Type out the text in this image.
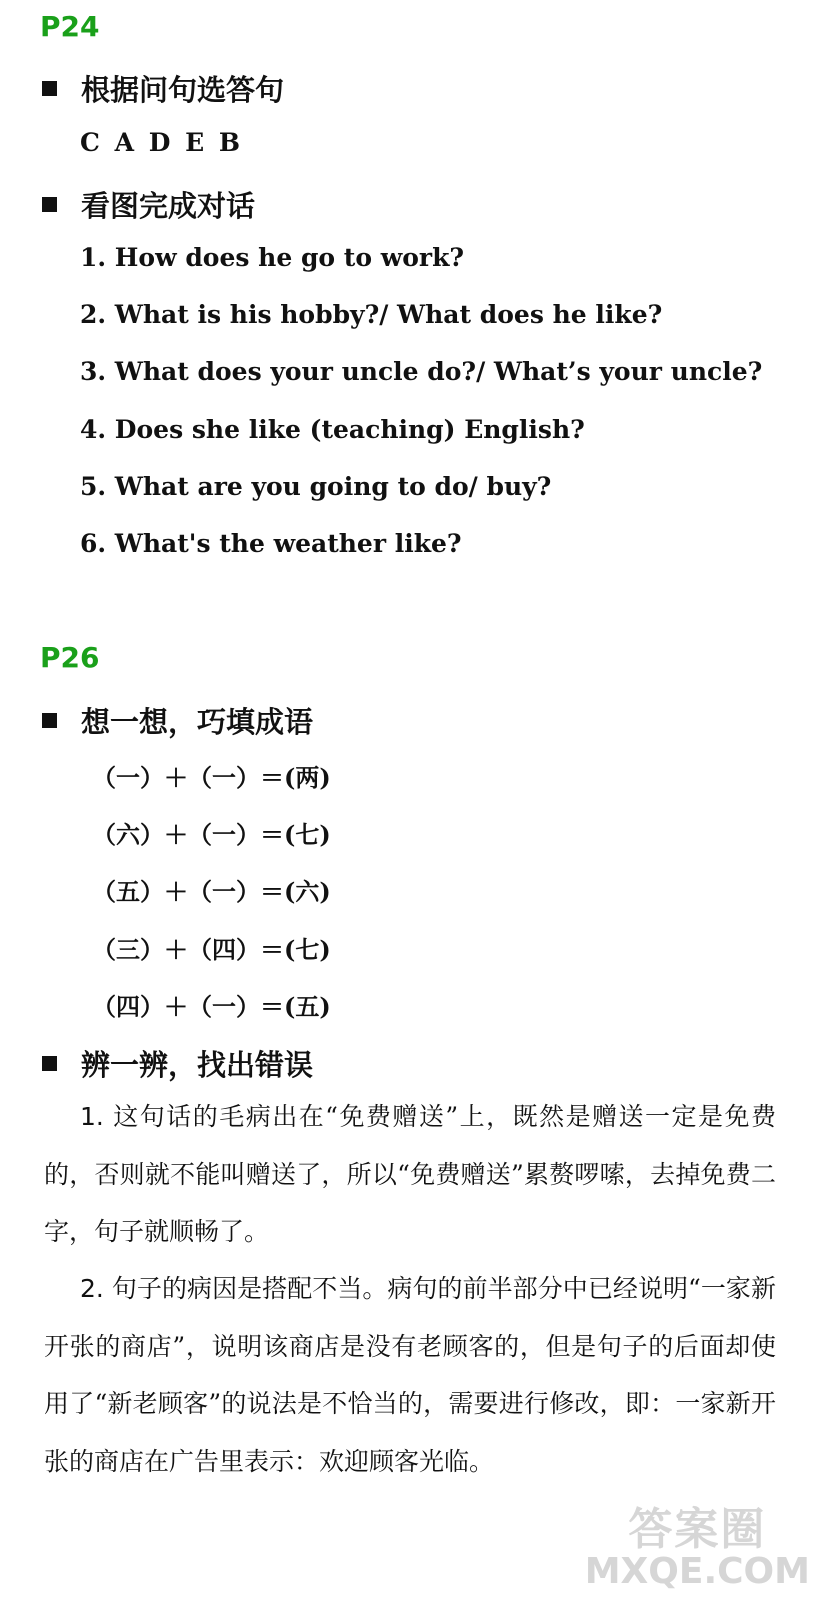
P24
根据问句选答句
C A D E B
看图完成对话
1. How does he go to work?
2. What is his hobby?/ What does he like?
3. What does your uncle do?/ What’s your uncle?
4. Does she like (teaching) English?
5. What are you going to do/ buy?
6. What's the weather like?
P26
想一想，巧填成语
（一）＋（一）＝(两)
（六）＋（一）＝(七)
（五）＋（一）＝(六)
（三）＋（四）＝(七)
（四）＋（一）＝(五)
辨一辨，找出错误

1. 这句话的毛病出在“免费赠送”上，既然是赠送一定是免费的，否则就不能叫赠送了，所以“免费赠送”累赘啰嗦，去掉免费二字，句子就顺畅了。

2. 句子的病因是搭配不当。病句的前半部分中已经说明“一家新开张的商店”，说明该商店是没有老顾客的，但是句子的后面却使用了“新老顾客”的说法是不恰当的，需要进行修改，即：一家新开张的商店在广告里表示：欢迎顾客光临。

答案圈
MXQE.COM
